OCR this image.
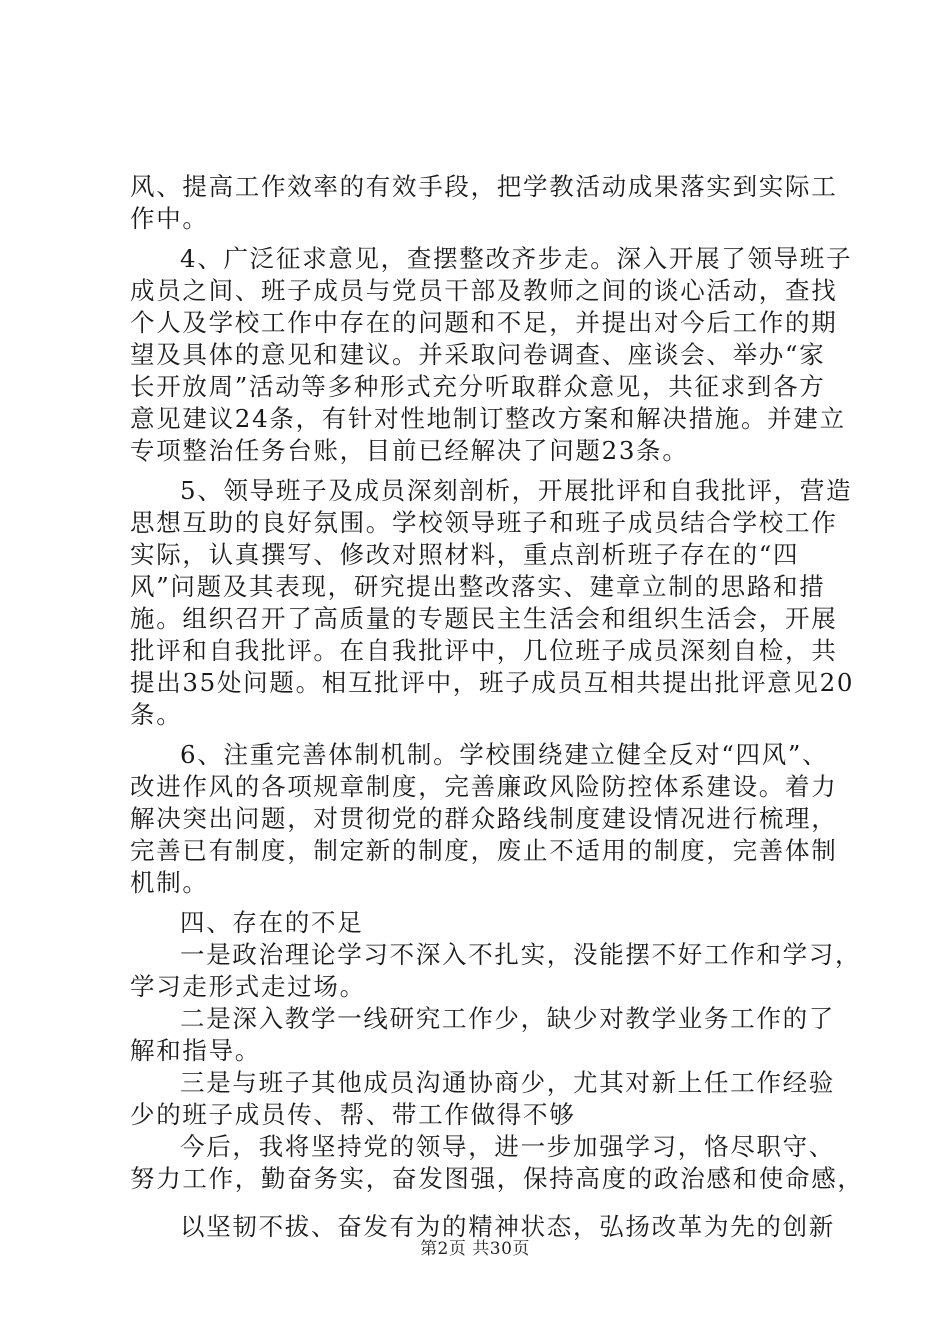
风、提高工作效率的有效手段，把学教活动成果落实到实际工
作中。
4、广泛征求意见，查摆整改齐步走。深入开展了领导班子
成员之间、班子成员与党员干部及教师之间的谈心活动，查找
个人及学校工作中存在的问题和不足，并提出对今后工作的期
望及具体的意见和建议。并采取问卷调查、座谈会、举办“家
长开放周”活动等多种形式充分听取群众意见，共征求到各方
意见建议24条，有针对性地制订整改方案和解决措施。并建立
专项整治任务台账，目前已经解决了问题23条。
5、领导班子及成员深刻剖析，开展批评和自我批评，营造
思想互助的良好氛围。学校领导班子和班子成员结合学校工作
实际，认真撰写、修改对照材料，重点剖析班子存在的“四
风”问题及其表现，研究提出整改落实、建章立制的思路和措
施。组织召开了高质量的专题民主生活会和组织生活会，开展
批评和自我批评。在自我批评中，几位班子成员深刻自检，共
提出35处问题。相互批评中，班子成员互相共提出批评意见20
条。
6、注重完善体制机制。学校围绕建立健全反对“四风”、
改进作风的各项规章制度，完善廉政风险防控体系建设。着力
解决突出问题，对贯彻党的群众路线制度建设情况进行梳理，
完善已有制度，制定新的制度，废止不适用的制度，完善体制
机制。
四、存在的不足
一是政治理论学习不深入不扎实，没能摆不好工作和学习，
学习走形式走过场。
二是深入教学一线研究工作少，缺少对教学业务工作的了
解和指导。
三是与班子其他成员沟通协商少，尤其对新上任工作经验
少的班子成员传、帮、带工作做得不够
今后，我将坚持党的领导，进一步加强学习，恪尽职守、
努力工作，勤奋务实，奋发图强，保持高度的政治感和使命感，
以坚韧不拔、奋发有为的精神状态，弘扬改革为先的创新
第2页 共30页
